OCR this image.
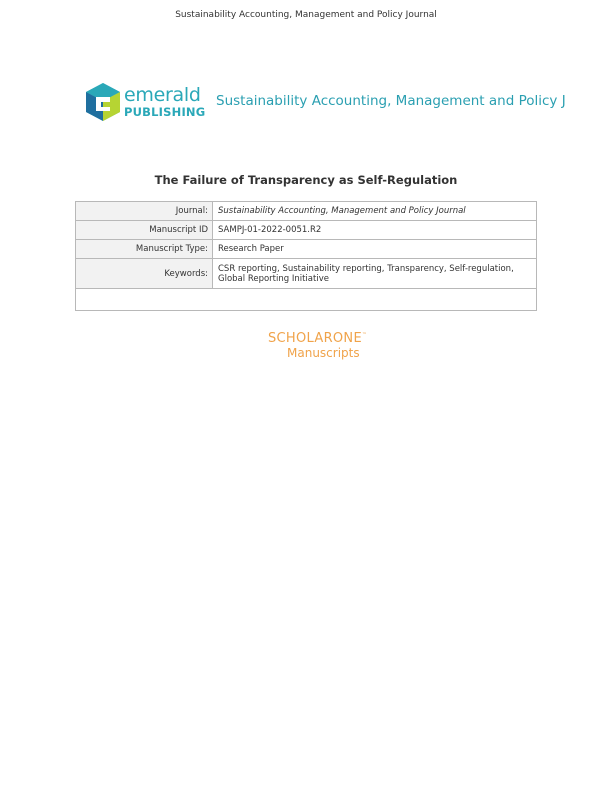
Sustainability Accounting, Management and Policy Journal
emerald
PUBLISHING
Sustainability Accounting, Management and Policy J
The Failure of Transparency as Self-Regulation
Journal:	Sustainability Accounting, Management and Policy Journal
Manuscript ID	SAMPJ-01-2022-0051.R2
Manuscript Type:	Research Paper
Keywords:	CSR reporting, Sustainability reporting, Transparency, Self-regulation, Global Reporting Initiative

SCHOLARONE™
Manuscripts
